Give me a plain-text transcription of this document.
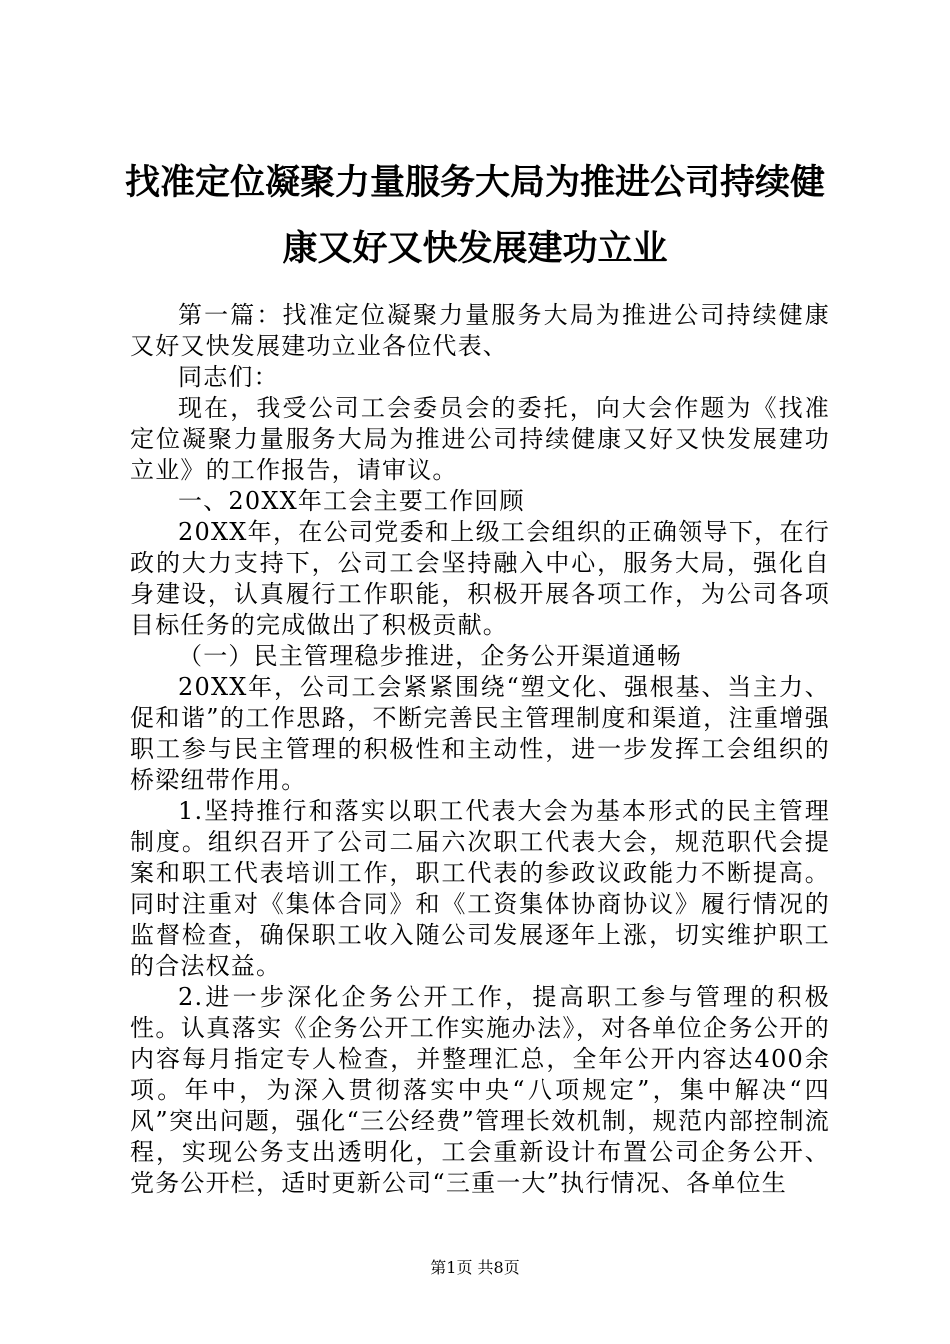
找准定位凝聚力量服务大局为推进公司持续健
康又好又快发展建功立业

第一篇：找准定位凝聚力量服务大局为推进公司持续健康又好又快发展建功立业各位代表、

同志们：

现在，我受公司工会委员会的委托，向大会作题为《找准定位凝聚力量服务大局为推进公司持续健康又好又快发展建功立业》的工作报告，请审议。

一、20XX年工会主要工作回顾

20XX年，在公司党委和上级工会组织的正确领导下，在行政的大力支持下，公司工会坚持融入中心，服务大局，强化自身建设，认真履行工作职能，积极开展各项工作，为公司各项目标任务的完成做出了积极贡献。

（一）民主管理稳步推进，企务公开渠道通畅

20XX年，公司工会紧紧围绕“塑文化、强根基、当主力、促和谐”的工作思路，不断完善民主管理制度和渠道，注重增强职工参与民主管理的积极性和主动性，进一步发挥工会组织的桥梁纽带作用。

1.坚持推行和落实以职工代表大会为基本形式的民主管理制度。组织召开了公司二届六次职工代表大会，规范职代会提案和职工代表培训工作，职工代表的参政议政能力不断提高。同时注重对《集体合同》和《工资集体协商协议》履行情况的监督检查，确保职工收入随公司发展逐年上涨，切实维护职工的合法权益。

2.进一步深化企务公开工作，提高职工参与管理的积极性。认真落实《企务公开工作实施办法》，对各单位企务公开的内容每月指定专人检查，并整理汇总，全年公开内容达400余项。年中，为深入贯彻落实中央“八项规定”，集中解决“四风”突出问题，强化“三公经费”管理长效机制，规范内部控制流程，实现公务支出透明化，工会重新设计布置公司企务公开、党务公开栏，适时更新公司“三重一大”执行情况、各单位生

第1页 共8页
